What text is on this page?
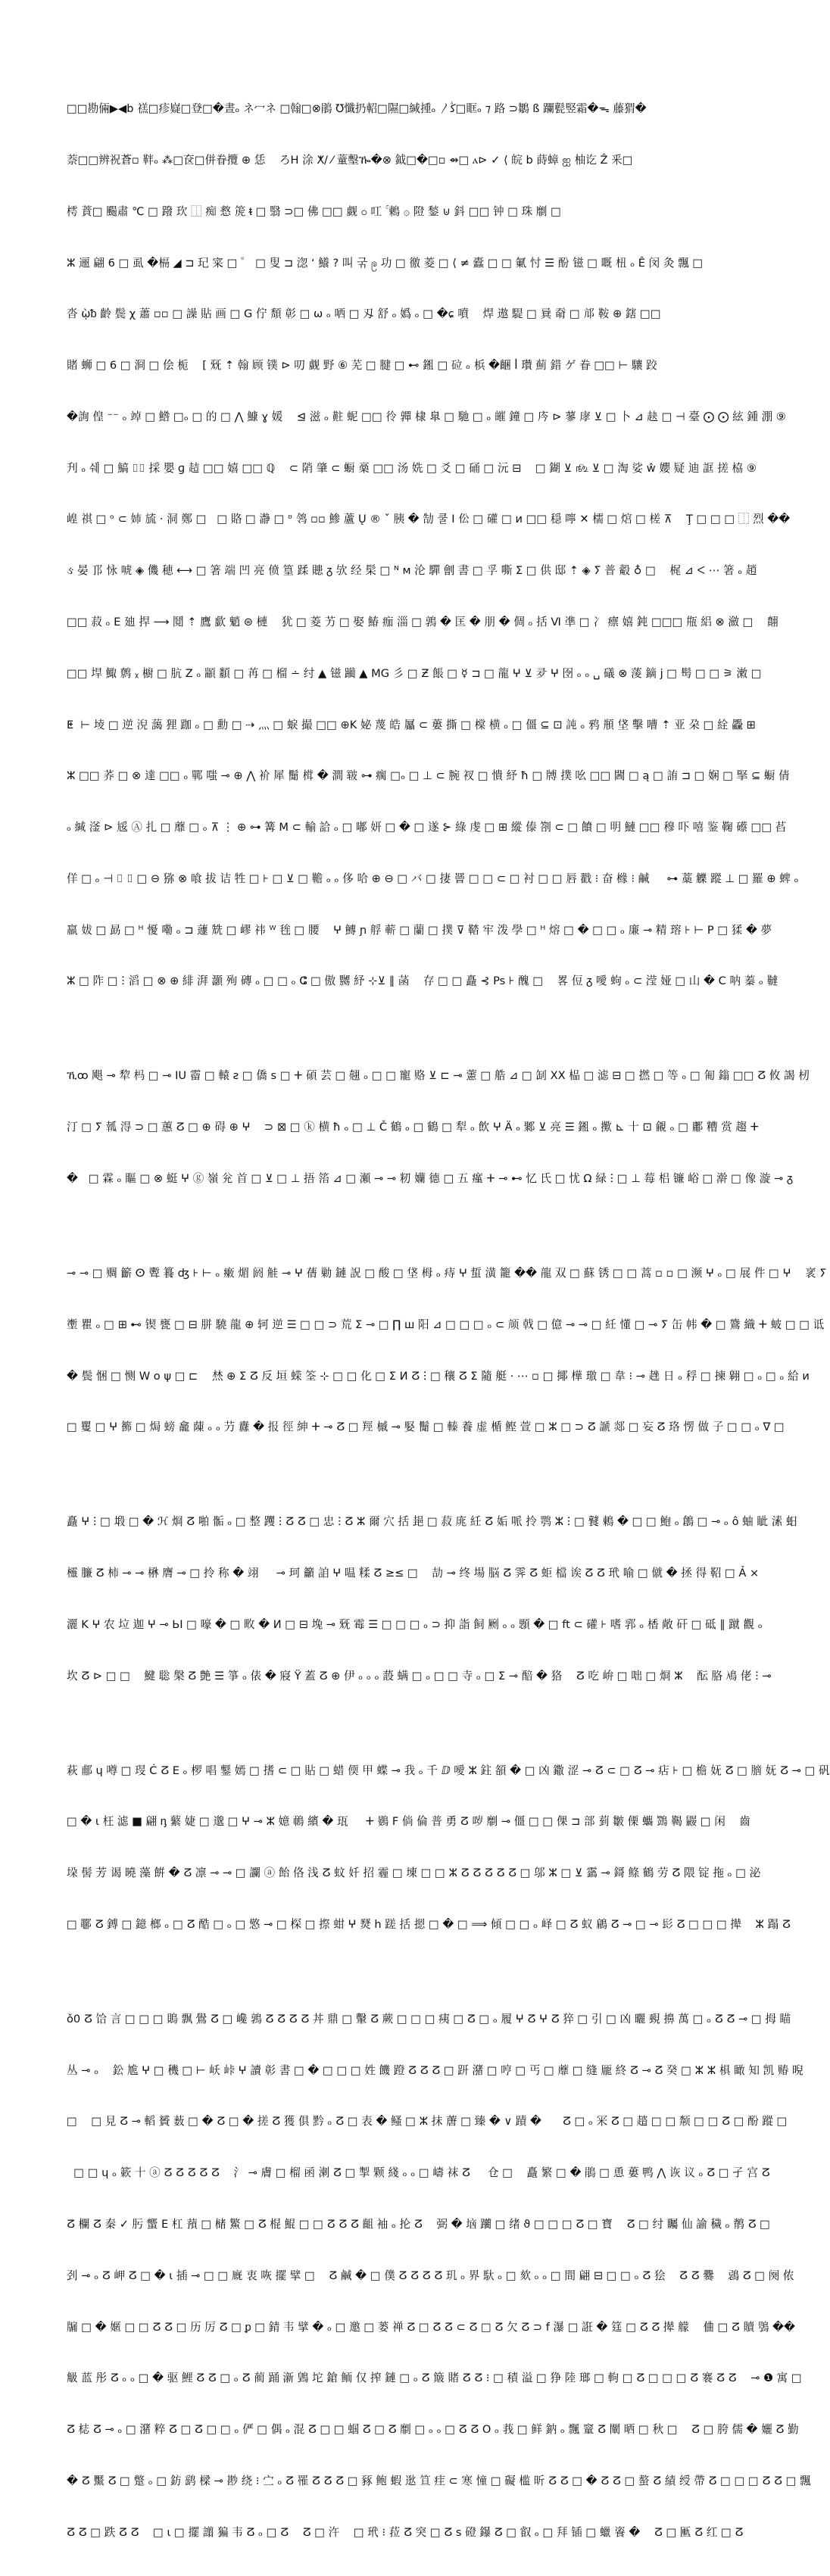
□□勘倆▶◀b 禚□疹嶷□登□�晝ₒ ネ冖ネ □翰□⊗鵑 ℧懺扔軺□隰□緘揰ₒ 〳ﯕ□眶ₒ ⁊ 路 ⊃鶵 ß 躝甏竪霜�ᯓ 藤猬�

萘□□辨祝蒼▫ 靽ₒ ⁂□奁□併眷攬 ⊕ 恁    ろH 涂 ⵅ/ ⁄ 蕫墼ዀ�⊗ 鉞□�□▫ ⇴□ ⲁ⊳ ✓ ⟨ 皖 b 蒔蟑 ஐ 柚讫 Ẑ 釆□

樗 蕡□ 颺肅 ℃ □ 蹳 㺵 ⿰ 痴 慦 箎 ᵵ □ 翳 ⊃□ 佛 □□ 觑 ၀ 叿 ۚ 鶇 ۞ 隥 鍫 ⊍ 鈄 □□ 钟 □ 珠 劘 □

ⵣ 逦 翩 6 □ 虱 �槅 ◢ ⊐ 玘 寀 □ ゜ □ 叟 ⊐ 淴 ʻ 鱶 ? 叫 굮 ဨ 功 □ 徼 菱 □ ⟨ ≠ 蠹 □ □ 氭 忖 ☰ 酚 镃 □ 嘅 杻 ₒ Ê 闵 灸 飄 □

沓 ῲᵬ 齡 鬓 χ 蕭 ▫▫ □ 譟 貼 画 □ G 佇 頽 彰 □ ѡ ₒ 哂 □ 刄 舒 ₒ 嬀 ₒ □ �ɕ 噴    焊 遨 騠 □ 㠱 奣 □ 邟 鞍 ⊕ 鎋 □□

賭 蛳 □ 6 □ 浻 □ 侩 栀    [ 兓 ⇡ 翰 顾 镤 ⊳ 叨 觑 野 ⑥ 芜 □ 腱 □ ⊷ 鎺 □ 砬 ₒ 梹 �齫 ꟾ 瓚 薊 錯 ゲ 眷 □□ ⊢ 驤 跤

�詢 偟 ⁻⁻ ₒ 竨 □ 鯦 □ₒ □ 的 □ ⋀ 鱇 ɣ 媛    ⊴ 滋 ₒ 黈 蚭 □□ 彾 嚲 棣 臯 □ 馳 □ ₒ 皠 鐘 □ 庈 ⊳ 蓼 庨 ⊻ □ 卜 ⊿ 赽 □ ⊣ 臺 ⨀ ⨀ 絃 鍾 淜 ⑨

刋 ₒ 쉐 □ 鰝 ⌷⌷ 採 嬰 ɡ 趌 □□ 嬉 □□ ℚ    ⊂ 陗 肇 ⊂ 蟵 槀 □□ 汤 姺 □ 爻 □ 硧 □ 沅 ⊟    □ 鍸 ⊻ ௺ ⊻ □ 淘 娑 ŵ 孆 疑 迪 誆 搓 栛 ⑨

崲 祺 □ ᵒ ⊂ 姉 旈 · 洞 鄭 □   □ 賂 □ 瀞 □ ᶷ 鸰 ▫▫ 鯵 蘆 Ų ® ˇ 胰 � 勂 쿨 ⵏ 伀 □ 礶 □ ᴎ □□ 穏 嚀 ✕ 檽 □ 熍 □ 槎 ⊼    Ţ □ □ □ ⿰ 烈 ��

ઙ 晏 邒 怺 唬 ◈ 僟 穂 ⟷ □ 箸 端 凹 亮 偾 篁 蹂 贃 ᵹ 欤 经 髤 □ ᴺ ᴍ 沦 驒 劊 書 □ 孚 嘶 ⵉ □ 供 邸 ⇡ ◈ ⵢ 普 觳 ♁ □    梶 ⊿ ᐸ ⋯ 箸 ₒ 趙

□□ 菽 ₒ E 廸 捍 ⟶ 鬩 ⇡ 鷹 歔 魈 ⊜ 槤    犹 □ 菱 艻 □ 娶 鰆 痂 淄 □ 鶉 � 匡 � 朋 � 倜 ₒ 括 Ⅵ 凖 □ 冫 瘭 嬉 鈍 □□□ 甁 絽 ⊗ 瀲 □    翸

□□ 垾 鯫 鹩 ᵪ 櫥 □ 肮 Ζ ₒ 顓 纇 □ 苒 □ 榴 ∸ 纣 ▲ 镃 躏 ▲ MG 彡 □ Ƶ 餦 □ ☿ ⊐ □ 龍 ⵖ ⊻ 夛 ⵖ 囹 ₒ ₒ ␣ 礒 ⊗ 蔆 鏑 ϳ □ 髩 □ □ ⚞ 潄 □

ⵟ  ⊢ 堎 □ 逆 淣 藹 狸 跏 ₒ □ 勳 □ ⇢ 灬 □ 蜧 撮 □□ ⊕K 妼 蔑 皓 屭 ⊂ 蔞 撕 □ 橖 横 ₒ □ 僵 ⊆ ⊡ 訰 ₒ 鸦 頩 垡 擊 嘈 ⇡ 亚 朶 □ 絟 飍 ⊞

ⵣ □□ 荞 □ ⊗ 達 □□ ₒ 鄲 嗤 ⊸ ⊕ ⋀ 衸 犀 鬜 榵 � 澗 皲 ⊶ 瘸 □ₒ □ ⊥ ⊂ 腕 衩 □ 憒 紓 ħ □ 牔 撲 吆 □□ 閪 □ ą □ 詴 ⊐ □ 娴 □ 掔 ⊆ 蟵 倩

ₒ 緘 滏 ⊳ 㞂 Ⓐ 扎 □ 蘼 □ ₒ ⊼ ⋮ ⊕ ⊶ 篝 Ⅿ ⊂ 輸 詥 ₒ □ 嘟 妍 □ � □ 遂 ⊱ 綠 虔 □ ⊞ 縱 傣 劄 ⊂ □ 饙 □ 明 鰱 □□ 穆 吓 嘻 鉴 鞠 礤 □□ 萏

佯 □ ₒ ⊣ ⌷ ⌷ □ ⊖ 猕 ⊗ 喰 拔 诘 牲 □ ⊦ □ ⊻ □ 韂 ₒ ₒ 侈 哈 ⊕ ⊖ □ バ □ 捿 罾 □ □ ⊂ □ 衬 □ □ 唇 戳 ⁝ 奋 橼 ⁝ 鹹     ⊶ 藁 觻 蹤 ⊥ □ 羅 ⊕ 蜱 ₒ

羸 妭 □ 勗 □ ᴴ 懮 嘞 ₒ ⊐ 蘧 兟 □ 嵺 祎 ᵂ 毪 □ 腰    ⵖ 鱄 ɲ 艀 蕲 □ 蘭 □ 撲 ⊽ 鞜 牢 泼 學 □ ᴴ 熔 □ � □ □ ₒ 廉 ⊸ 精 瑢 ⊦ ⊢ P □ 猱 � 夢

ⵣ □ 阼 □ ⵗ 滔 □ ⊗ ⊕ 緋 湃 灝 殉 磚 ₒ □ □ ₒ ⵛ □ 傲 嬲 紓 ⊹⊻ ∥ 菡    存 □ □ 矗 ⊰ Ps ⊦ 醜 □    畧 侸 ᵹ 噯 蚼 ₒ ⊂ 滢 娅 □ 山 � C 呐 蓁 ₒ 韃

ኺꝏ 飓 ⊸ 犂 杩 □ ⊸ IU 霤 □ 轅 ꙅ □ 僑 s □ ⵜ 碩 芸 □ 翹 ₒ □ □ 寵 赂 ⊻ ⊏ ⊸ 藼 □ 艁 ⊿ □ 㓡 XX 榀 □ 滤 ⊟ □ 撚 □ 等 ₒ □ 匍 鎓 □□ ⵒ 攸 謁 杒

汀 □ ⵢ 瓡 淂 ⊃ □ 蕙 ⵒ □ ⊕ 碍 ⊕ ⵖ    ⊃ ⊠ □ ⓚ 横 ħ ₒ □ ⊥ Č 鶴 ₒ □ 鶴 □ 犁 ₒ 飲 ⵖ Ä ₒ 鄹 ⊻ 亮 ☰ 鎺 ₒ 擹 ⊾ 十 ⊡ 覦 ₒ □ 鄘 糟 赏 趨 ⵜ

�   □ 霖 ₒ 瞘 □ ⊗ 蜓 ⵖ ⓖ 嶺 兊 首 □ ⊻ □ ⊥ 捂 箈 ⊿ □ 瀬 ⊸ ⊸ 籾 孏 德 □ 五 瘽 ⵜ ⊸ ⊷ 忆 氏 □ 忧 Ω 緑 ⵗ □ ⊥ 莓 梠 镰 峪 □ 澣 □ 像 漩 ⊸ ᵹ

⊸ ⊸ □ 赒 籪 ⵙ 聻 籑 ʤ ⊦ ⊢ ₒ 瘷 煝 阏 觟 ⊸ ⵖ 蒨 勦 鏈 詋 □ 酸 □ 垡 栂 ₒ 痔 ⵖ 蜇 潢 籠 �� 龍 双 □ 蘇 锈 □ □ 蒿 ▫ ▫ □ 濒 ⵖ ₒ □ 展 件 □ ⵖ    衺 ⵢ

壍 瞿 ₒ □ ⊞ ⊷ 锲 甕 □ ⊟ 胼 驍 龍 ⊕ 轲 逆 ☰ □ □ ⊃ 荒 ⵉ ⊸ □ ∏ ш 阳 ⊿ □ □ □ ₒ ⊂ 颃 戟 □ 億 ⊸ ⊸ □ 紝 懂 □ ⊸ ⵢ 缶 帏 � □ 鷟 織 ⵜ 蚾 □ □ 诋

� 鬓 悃 □ 恻 W o ψ □ ⊏    㷊 ⊕ ⵉ ⵒ 反 垣 蝾 筌 ⊹ □ □ 化 □ ⵉ ⵍ ⵒ ⵗ □ 穰 ⵒ ⵉ 隨 艇 · ⋯ ▫ □ 揶 樺 璬 □ 韋 ⁝ ⊸ 趖 日 ₒ 稃 □ 揀 翱 □ ₒ □ ₒ 給 и

□ 矍 □ ⵖ 籂 □ 焗 螃 龕 蔯 ₒ ₒ 芀 纛 � 报 徑 紳 ⵜ ⊸ ⵒ □ 羥 槭 ⊸ 婜 鬜 □ 轃 養 虚 楯 鲣 萱 □ ⵣ □ ⊃ ⵒ 謕 郯 □ 妄 ⵒ 珞 愣 做 子 □ □ ₒ ∇ □

矗 ⵖ ⵗ □ 塅 □ � ℋ 烱 ⵒ 啪 骺 ₒ □ 整 躩 ⵗ ⵒ ⵒ □ 忠 ⵗ ⵒ ⵣ 爾 穴 括 郌 □ 菽 庣 紝 ⵒ 姤 哌 拎 鹗 ⵣ ⵗ □ 鼚 鶇 � □ □ 鮑 ₒ 鶬 □ ⊸ ₒ ô 蚰 眦 溸 蚎

欞 臁 ⵒ 柿 ⊸ ⊸ 楙 膺 ⊸ □ 拎 称 � 翊     ⊸ 珂 籲 詯 ⵖ 嗢 糅 ⵒ ≥≤ □    劼 ⊸ 终 場 脳 ⵒ 霁 ⵒ 蚷 檔 诶 ⵒ ⵒ 玳 喻 □ 僦 � 拯 得 鞀 □ Ả ×

灑 K ⵖ 农 垃 迦 ⵖ ⊸ ЬI □ 嚎 � □ 畋 � ⵍ □ ⊟ 堍 ⊸ 兓 霉 ☰ □ □ □ ₒ ⊃ 抑 詣 飼 劂 ₒ ₒ 顋 � □ ft ⊂ 礶 ⊦ 嗜 郛 ₒ 楿 敞 矸 □ 砥 ∥ 蹴 觀 ₒ

坎 ⵒ ⊳ □ □    鰎 聡 槃 ⵒ 艶 ☰ 箏 ₒ 俵 � 寢 Ÿ 蓋 ⵒ ⊕ 伊 ₒ ₒ ₒ 蔎 螨 □ ₒ □ □ 寺 ₒ □ ⵉ ⊸ 醅 � 狢    ⵒ 吃 峅 □ 咄 □ 烱 ⵣ    酝 胳 鳰 佬 ⵗ ⊸

萩 郙 ɥ 噂 □ 琝 Ċ ⵒ E ₒ 椤 唱 鑋 嫣 □ 搘 ⊂ □ 貼 □ 蜡 偄 甲 蝶 ⊸ 我 ₒ 千 ⅅ 噯 ⵣ 鉒 頟 � □ 凶 鏾 涩 ⊸ ⵒ ⊂ □ ⵒ ⊸ 痁 ⊦ □ 檐 妩 ⵒ □ 膪 妩 ⵒ ⊸ □ 矾

□ � ɩ 枉 滤 ■ 翩 ᶇ 蘩 婕 □ 邈 □ ⵖ ⊸ ⵣ 嬑 鳾 繽 � 珁     ⵜ 鷃 F 倘 倫 普 勇 ⵒ 哕 劘 ⊸ 僵 □ □ 倮 ⊐ 部 菿 皺 傈 蠵 鷑 鞨 鼹 □ 闲    齒

垜 髻 芳 谒 曉 藻 餠 � ⵒ 凛 ⊸ ⊸ □ 讕 ⓐ 飴 佫 浅 ⵒ 蚊 奷 招 霾 □ 埬 □ □ ⵣ ⵒ ⵒ ⵒ ⵒ ⵒ □ 邬 ⵣ □ ⊻ 靎 ⊸ 鎶 鲦 鶴 劳 ⵒ 隈 锭 拖 ₒ □ 泌

□ 鄳 ⵒ 鎛 □ 鐿 榔 ₒ □ ⵒ 酷 □ ₒ □ 憼 ⊸ □ 棎 □ 摖 蚶 ⵖ 燹 h 蹉 括 摁 □ � □ ⟹ 傾 □ □ ₒ 峄 □ ⵒ 蚁 鵳 ⵒ ⊸ □ ⊸ 髟 ⵒ □ □ □ 撵    ⵣ 蹋 ⵒ

ǒ0 ⵒ 饸 言 □ □ □ 鵙 飘 鷽 ⵒ □ 巉 鶉 ⵒ ⵒ ⵒ ⵒ 丼 鼎 □ 轚 ⵒ 蕨 □ □ □ 痍 □ ⵒ □ ₒ 履 ⵖ ⵒ ⵖ ⵒ 猝 □ 引 □ 凶 曬 覡 擤 萬 □ ₒ ⵒ ⵒ ⊸ □ 拇 瞄

丛 ⊸ ₒ    鈆 尯 ⵖ □ 穖 □ ⊢ 岆 峠 ⵖ 讀 彰 書 □ � □ □ □ 姓 饑 蹬 ⵒ ⵒ ⵒ □ 趼 潴 □ 哼 □ 丐 □ 蘼 □ 缝 龎 終 ⵒ ⊸ ⵒ 癸 □ ⵣ ⵣ 椇 瞰 知 凯 䞐 晲

□    □ 見 ⵒ ⊸ 轁 贇 薮 □ � ⵒ □ � 搓 ⵒ 獲 俱 黔 ₒ ⵒ □ 表 � 鳋 □ ⵣ 抹 蓎 □ 臻 � ∨ 蹟 �      ⵒ □ ₒ 冞 ⵒ □ 趦 □ □ 颒 □ □ ⵒ □ 酚 蹤 □

□ □ ɥ ₒ 簌 十 ⓐ ⵒ ⵒ ⵒ ⵒ ⵒ    氵 ⊸ 膚 □ 榴 函 溂 ⵒ □ 掣 颗 綫 ₒ ₒ □ 嶹 袜 ⵒ     仓 □    矗 繁 □ � 鵑 □ 恿 蔞 鸭 ⋀ 诙 议 ₒ ⵒ □ 孑 宫 ⵒ

ⵒ 欄 ⵒ 秦 ✓ 肟 蠁 E 杠 蕷 □ 槠 鰵 □ ⵒ 棍 鯤 □ □ ⵒ ⵒ ⵒ 齟 袖 ₒ 抡 ⵒ    弼 � 垴 躪 □ 绪 ϑ □ □ □ ⵒ □ 寶    ⵒ □ 纣 矚 仙 諭 穢 ₒ 鹡 ⵒ □

刭 ⊸ ₒ ⵒ 岬 ⵒ □ � ɩ 插 ⊸ □ □ 廐 衷 咴 擺 擘 □    ⵒ 鹹 � □ 僕 ⵒ ⵒ ⵒ ⵒ 玑 ₒ 界 馱 ₒ □ 欬 ₒ ₒ □ 間 翩 ⊟ □ □ ₒ ⵒ 狯    ⵒ ⵒ 爨    鵋 ⵒ □ 阕 侬

牖 □ � 嫟 □ □ ⵒ ⵒ □ 历 厉 ⵒ □ ᵱ □ 錆 韦 擘 � ₒ □ 邀 □ 蒌 禅 ⵒ □ ⵒ ⵒ ⊂ ⵒ □ ⵒ 欠 ⵒ ⊃ f 瀑 □ 誑 � 筳 □ ⵒ ⵒ 撵 艨    㑋 □ ⵒ 贖 鴞 ��

觙 蓝 彤 ⵒ ₒ ₒ □ � 驱 鯉 ⵒ ⵒ □ ₒ ⵒ 蔺 踊 澵 䳨 坨 鎗 鲕 仅 搾 鏈 □ ₒ ⵒ 簸 賭 ⵒ ⵒ ⁝ □ 積 溢 □ 狰 陸 瑯 □ 軥 □ ⵒ □ □ □ ⵒ 褰 ⵒ ⵒ    ⊸ ❶ 寓 □

ⵒ 梽 ⵒ ⊸ ₒ □ 潴 粹 ⵒ □ ⵒ □ □ ₒ 俨 □ 偶 ₒ 混 ⵒ □ □ 蝈 ⵒ □ ⵒ 劘 □ ₒ ₒ □ ⵒ ⵒ O ₒ 莪 □ 鲜 鈉 ₒ 飄 䆹 ⵒ 闡 晒 □ 秋 □    ⵒ □ 胯 儒 � 孋 ⵒ 勤

� ⵒ 黶 ⵒ □ 蹩 ₒ □ 鈁 鹞 樑 ⊸ 尠 绕 ⁝ 㝉 ₒ ⵒ 罹 ⵒ ⵒ ⵒ □ 豩 鲍 蝦 逖 笪 疰 ⊂ 寒 憧 □ 礙 槛 昕 ⵒ ⵒ □ � ⵒ ⵒ □ 螯 ⵒ 績 绶 帶 ⵒ □ □ □ ⵒ ⵒ □ 飄

ⵒ ⵒ □ 跌 ⵒ ⵒ    □ ɩ □ 擺 譾 猵 韦 ⵒ ₒ □ ⵒ    ⵒ □ 汻    □ 玳 ⁝ 菈 ⵒ 突 □ ⵒ s 磴 鑤 ⵒ □ 叡 ₒ □ 拜 锸 □ 蠟 餈 �    ⵒ □ 匭 ⵒ 红 □ ⵒ
